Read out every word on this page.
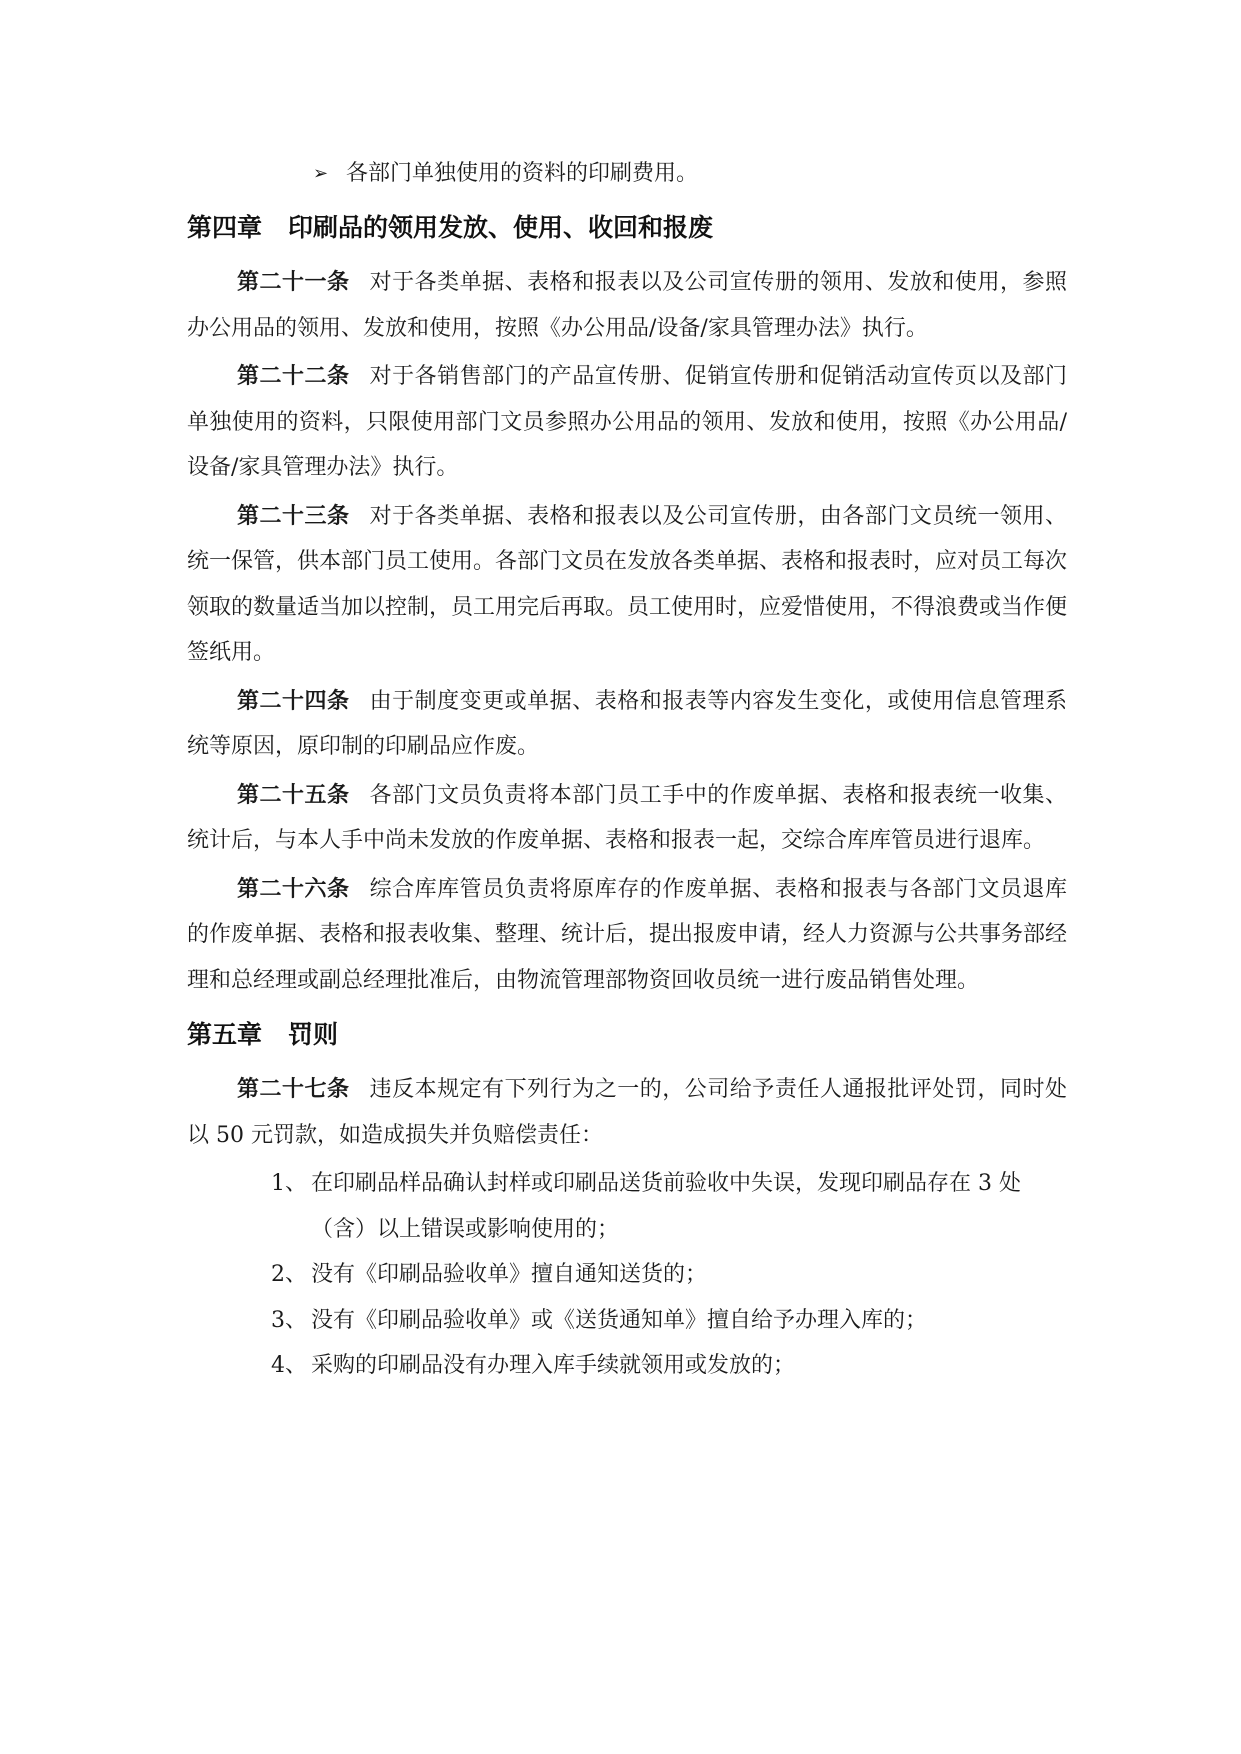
➢ 各部门单独使用的资料的印刷费用。
第四章 印刷品的领用发放、使用、收回和报废

第二十一条 对于各类单据、表格和报表以及公司宣传册的领用、发放和使用，参照办公用品的领用、发放和使用，按照《办公用品/设备/家具管理办法》执行。

第二十二条 对于各销售部门的产品宣传册、促销宣传册和促销活动宣传页以及部门单独使用的资料，只限使用部门文员参照办公用品的领用、发放和使用，按照《办公用品/设备/家具管理办法》执行。

第二十三条 对于各类单据、表格和报表以及公司宣传册，由各部门文员统一领用、统一保管，供本部门员工使用。各部门文员在发放各类单据、表格和报表时，应对员工每次领取的数量适当加以控制，员工用完后再取。员工使用时，应爱惜使用，不得浪费或当作便签纸用。

第二十四条 由于制度变更或单据、表格和报表等内容发生变化，或使用信息管理系统等原因，原印制的印刷品应作废。

第二十五条 各部门文员负责将本部门员工手中的作废单据、表格和报表统一收集、统计后，与本人手中尚未发放的作废单据、表格和报表一起，交综合库库管员进行退库。

第二十六条 综合库库管员负责将原库存的作废单据、表格和报表与各部门文员退库的作废单据、表格和报表收集、整理、统计后，提出报废申请，经人力资源与公共事务部经理和总经理或副总经理批准后，由物流管理部物资回收员统一进行废品销售处理。

第五章 罚则

第二十七条 违反本规定有下列行为之一的，公司给予责任人通报批评处罚，同时处以 50 元罚款，如造成损失并负赔偿责任：

1、 在印刷品样品确认封样或印刷品送货前验收中失误，发现印刷品存在 3 处（含）以上错误或影响使用的；
2、 没有《印刷品验收单》擅自通知送货的；
3、 没有《印刷品验收单》或《送货通知单》擅自给予办理入库的；
4、 采购的印刷品没有办理入库手续就领用或发放的；
